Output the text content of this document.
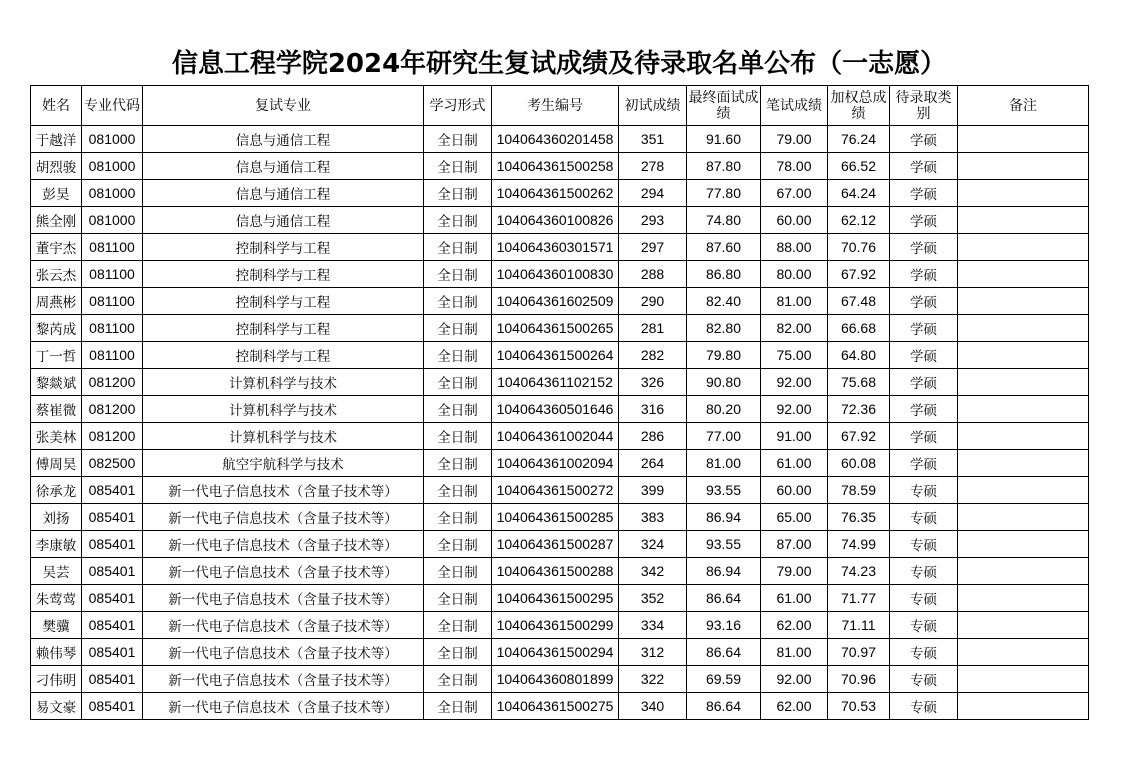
信息工程学院2024年研究生复试成绩及待录取名单公布（一志愿）
姓名	专业代码	复试专业	学习形式	考生编号	初试成绩	最终面试成绩	笔试成绩	加权总成绩	待录取类别	备注
于越洋	081000	信息与通信工程	全日制	104064360201458	351	91.60	79.00	76.24	学硕	
胡烈骏	081000	信息与通信工程	全日制	104064361500258	278	87.80	78.00	66.52	学硕	
彭昊	081000	信息与通信工程	全日制	104064361500262	294	77.80	67.00	64.24	学硕	
熊全刚	081000	信息与通信工程	全日制	104064360100826	293	74.80	60.00	62.12	学硕	
董宇杰	081100	控制科学与工程	全日制	104064360301571	297	87.60	88.00	70.76	学硕	
张云杰	081100	控制科学与工程	全日制	104064360100830	288	86.80	80.00	67.92	学硕	
周燕彬	081100	控制科学与工程	全日制	104064361602509	290	82.40	81.00	67.48	学硕	
黎芮成	081100	控制科学与工程	全日制	104064361500265	281	82.80	82.00	66.68	学硕	
丁一哲	081100	控制科学与工程	全日制	104064361500264	282	79.80	75.00	64.80	学硕	
黎燚斌	081200	计算机科学与技术	全日制	104064361102152	326	90.80	92.00	75.68	学硕	
蔡崔微	081200	计算机科学与技术	全日制	104064360501646	316	80.20	92.00	72.36	学硕	
张美林	081200	计算机科学与技术	全日制	104064361002044	286	77.00	91.00	67.92	学硕	
傅周昊	082500	航空宇航科学与技术	全日制	104064361002094	264	81.00	61.00	60.08	学硕	
徐承龙	085401	新一代电子信息技术（含量子技术等）	全日制	104064361500272	399	93.55	60.00	78.59	专硕	
刘扬	085401	新一代电子信息技术（含量子技术等）	全日制	104064361500285	383	86.94	65.00	76.35	专硕	
李康敏	085401	新一代电子信息技术（含量子技术等）	全日制	104064361500287	324	93.55	87.00	74.99	专硕	
吴芸	085401	新一代电子信息技术（含量子技术等）	全日制	104064361500288	342	86.94	79.00	74.23	专硕	
朱莺莺	085401	新一代电子信息技术（含量子技术等）	全日制	104064361500295	352	86.64	61.00	71.77	专硕	
樊骥	085401	新一代电子信息技术（含量子技术等）	全日制	104064361500299	334	93.16	62.00	71.11	专硕	
赖伟琴	085401	新一代电子信息技术（含量子技术等）	全日制	104064361500294	312	86.64	81.00	70.97	专硕	
刁伟明	085401	新一代电子信息技术（含量子技术等）	全日制	104064360801899	322	69.59	92.00	70.96	专硕	
易文豪	085401	新一代电子信息技术（含量子技术等）	全日制	104064361500275	340	86.64	62.00	70.53	专硕	
